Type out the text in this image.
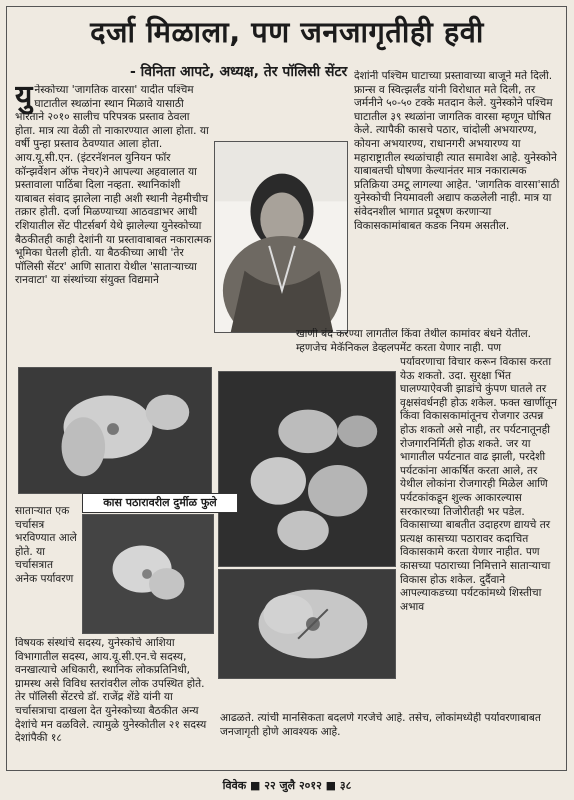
दर्जा मिळाला, पण जनजागृतीही हवी

- विनिता आपटे, अध्यक्ष, तेर पॉलिसी सेंटर

युनेस्कोच्या 'जागतिक वारसा' यादीत पश्चिम घाटातील स्थळांना स्थान मिळावे यासाठी भारताने २०१० सालीच परिपत्रक प्रस्ताव ठेवला होता. मात्र त्या वेळी तो नाकारण्यात आला होता. या वर्षी पुन्हा प्रस्ताव ठेवण्यात आला होता. आय.यू.सी.एन. (इंटरनॅशनल युनियन फॉर कॉन्झर्वेशन ऑफ नेचर)ने आपल्या अहवालात या प्रस्तावाला पाठिंबा दिला नव्हता. स्थानिकांशी याबाबत संवाद झालेला नाही अशी स्थानी नेहमीचीच तक्रार होती. दर्जा मिळण्याच्या आठवडाभर आधी रशियातील सेंट पीटर्सबर्ग येथे झालेल्या युनेस्कोच्या बैठकीतही काही देशांनी या प्रस्तावाबाबत नकारात्मक भूमिका घेतली होती. या बैठकीच्या आधी 'तेर पॉलिसी सेंटर' आणि सातारा येथील 'साताऱ्याच्या रानवाटा' या संस्थांच्या संयुक्त विद्यमाने

देशांनी पश्चिम घाटाच्या प्रस्तावाच्या बाजूने मते दिली. फ्रान्स व स्वित्झर्लंड यांनी विरोधात मते दिली, तर जर्मनीने ५०-५० टक्के मतदान केले. युनेस्कोने पश्चिम घाटातील ३९ स्थळांना जागतिक वारसा म्हणून घोषित केले. त्यापैकी कासचे पठार, चांदोली अभयारण्य, कोयना अभयारण्य, राधानगरी अभयारण्य या महाराष्ट्रातील स्थळांचाही त्यात समावेश आहे. युनेस्कोने याबाबतची घोषणा केल्यानंतर मात्र नकारात्मक प्रतिक्रिया उमटू लागल्या आहेत. 'जागतिक वारसा'साठी युनेस्कोची नियमावली अद्याप कळलेली नाही. मात्र या संवेदनशील भागात प्रदूषण करणाऱ्या विकासकामांबाबत कडक नियम असतील.

खाणी बंद करण्या लागतील किंवा तेथील कामांवर बंधने येतील. म्हणजेच मेकॅनिकल डेव्हलपमेंट करता येणार नाही. पण

पर्यावरणाचा विचार करून विकास करता येऊ शकतो. उदा. सुरक्षा भिंत घालण्याऐवजी झाडांचे कुंपण घातले तर वृक्षसंवर्धनही होऊ शकेल. फक्त खाणींतून किंवा विकासकामांतूनच रोजगार उत्पन्न होऊ शकतो असे नाही, तर पर्यटनातूनही रोजगारनिर्मिती होऊ शकते. जर या भागातील पर्यटनात वाढ झाली, परदेशी पर्यटकांना आकर्षित करता आले, तर येथील लोकांना रोजगारही मिळेल आणि पर्यटकांकडून शुल्क आकारल्यास सरकारच्या तिजोरीतही भर पडेल. विकासाच्या बाबतीत उदाहरण द्यायचे तर प्रत्यक्ष कासच्या पठारावर कदाचित विकासकामे करता येणार नाहीत. पण कासच्या पठाराच्या निमित्ताने साताऱ्याचा विकास होऊ शकेल. दुर्दैवाने आपल्याकडच्या पर्यटकांमध्ये शिस्तीचा अभाव

कास पठारावरील दुर्मीळ फुले

साताऱ्यात एक चर्चासत्र भरविण्यात आले होते. या चर्चासत्रात अनेक पर्यावरण

विषयक संस्थांचे सदस्य, युनेस्कोचे आशिया विभागातील सदस्य, आय.यू.सी.एन.चे सदस्य, वनखात्याचे अधिकारी, स्थानिक लोकप्रतिनिधी, ग्रामस्थ असे विविध स्तरांवरील लोक उपस्थित होते. तेर पॉलिसी सेंटरचे डॉ. राजेंद्र शेंडे यांनी या चर्चासत्राचा दाखला देत युनेस्कोच्या बैठकीत अन्य देशांचे मन वळविले. त्यामुळे युनेस्कोतील २१ सदस्य देशांपैकी १८

आढळते. त्यांची मानसिकता बदलणे गरजेचे आहे. तसेच, लोकांमध्येही पर्यावरणाबाबत जनजागृती होणे आवश्यक आहे.

विवेक ■ २२ जुलै २०१२ ■ ३८
